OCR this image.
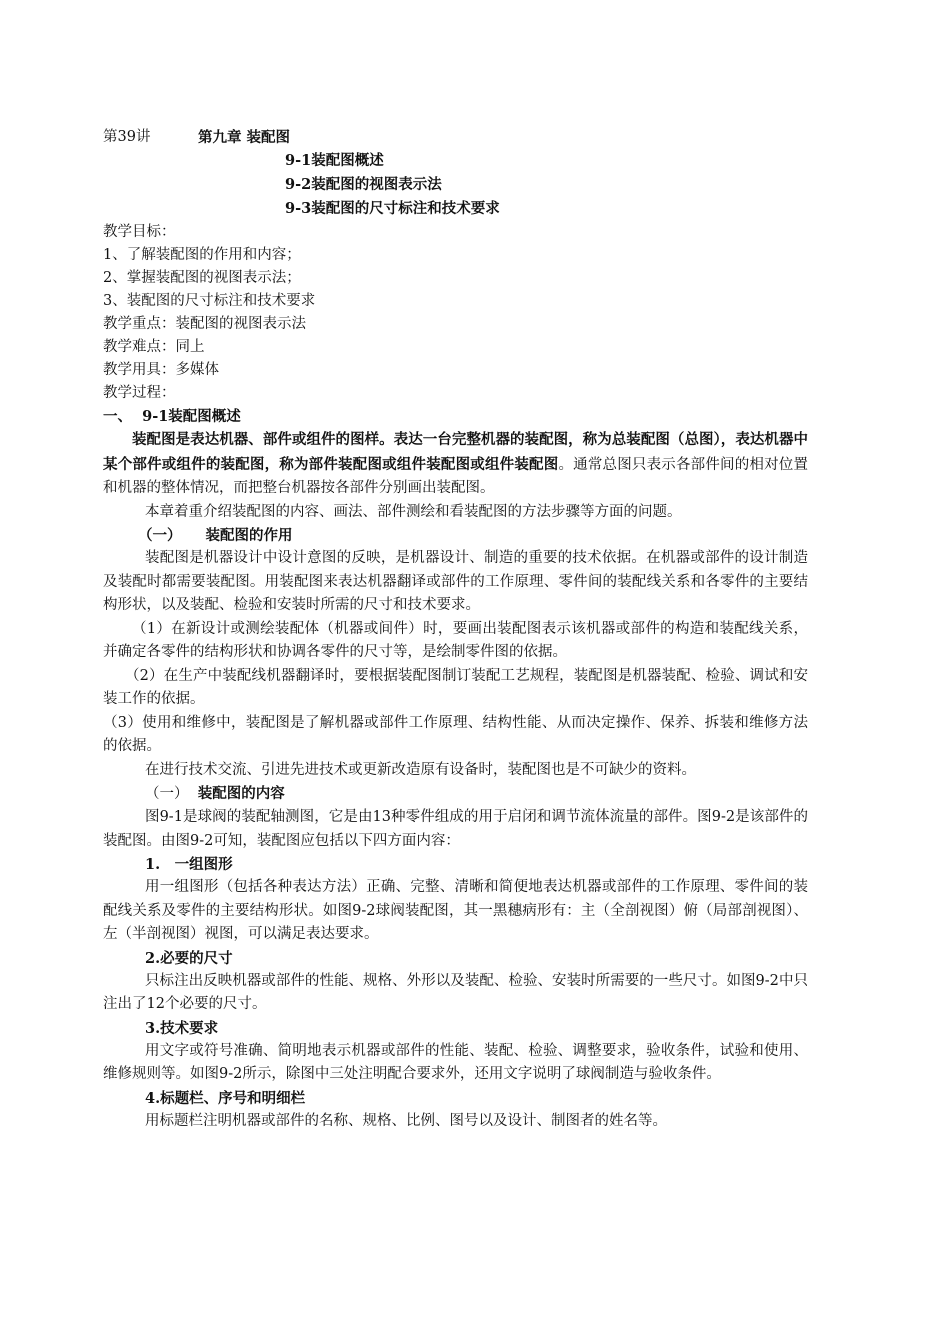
第39讲	第九章 装配图
9-1装配图概述
9-2装配图的视图表示法
9-3装配图的尺寸标注和技术要求
教学目标：
1、了解装配图的作用和内容；
2、掌握装配图的视图表示法；
3、装配图的尺寸标注和技术要求
教学重点：装配图的视图表示法
教学难点：同上
教学用具：多媒体
教学过程：
一、 9-1装配图概述
装配图是表达机器、部件或组件的图样。表达一台完整机器的装配图，称为总装配图（总图），表达机器中某个部件或组件的装配图，称为部件装配图或组件装配图或组件装配图。通常总图只表示各部件间的相对位置和机器的整体情况，而把整台机器按各部件分别画出装配图。
本章着重介绍装配图的内容、画法、部件测绘和看装配图的方法步骤等方面的问题。
（一） 装配图的作用
装配图是机器设计中设计意图的反映，是机器设计、制造的重要的技术依据。在机器或部件的设计制造及装配时都需要装配图。用装配图来表达机器翻译或部件的工作原理、零件间的装配线关系和各零件的主要结构形状，以及装配、检验和安装时所需的尺寸和技术要求。
（1）在新设计或测绘装配体（机器或间件）时，要画出装配图表示该机器或部件的构造和装配线关系，并确定各零件的结构形状和协调各零件的尺寸等，是绘制零件图的依据。
（2）在生产中装配线机器翻译时，要根据装配图制订装配工艺规程，装配图是机器装配、检验、调试和安装工作的依据。
（3）使用和维修中，装配图是了解机器或部件工作原理、结构性能、从而决定操作、保养、拆装和维修方法的依据。
在进行技术交流、引进先进技术或更新改造原有设备时，装配图也是不可缺少的资料。
（一） 装配图的内容
图9-1是球阀的装配轴测图，它是由13种零件组成的用于启闭和调节流体流量的部件。图9-2是该部件的装配图。由图9-2可知，装配图应包括以下四方面内容：
1.　一组图形
用一组图形（包括各种表达方法）正确、完整、清晰和简便地表达机器或部件的工作原理、零件间的装配线关系及零件的主要结构形状。如图9-2球阀装配图，其一黑穗病形有：主（全剖视图）俯（局部剖视图）、左（半剖视图）视图，可以满足表达要求。
2.必要的尺寸
只标注出反映机器或部件的性能、规格、外形以及装配、检验、安装时所需要的一些尺寸。如图9-2中只注出了12个必要的尺寸。
3.技术要求
用文字或符号准确、简明地表示机器或部件的性能、装配、检验、调整要求，验收条件，试验和使用、维修规则等。如图9-2所示，除图中三处注明配合要求外，还用文字说明了球阀制造与验收条件。
4.标题栏、序号和明细栏
用标题栏注明机器或部件的名称、规格、比例、图号以及设计、制图者的姓名等。
